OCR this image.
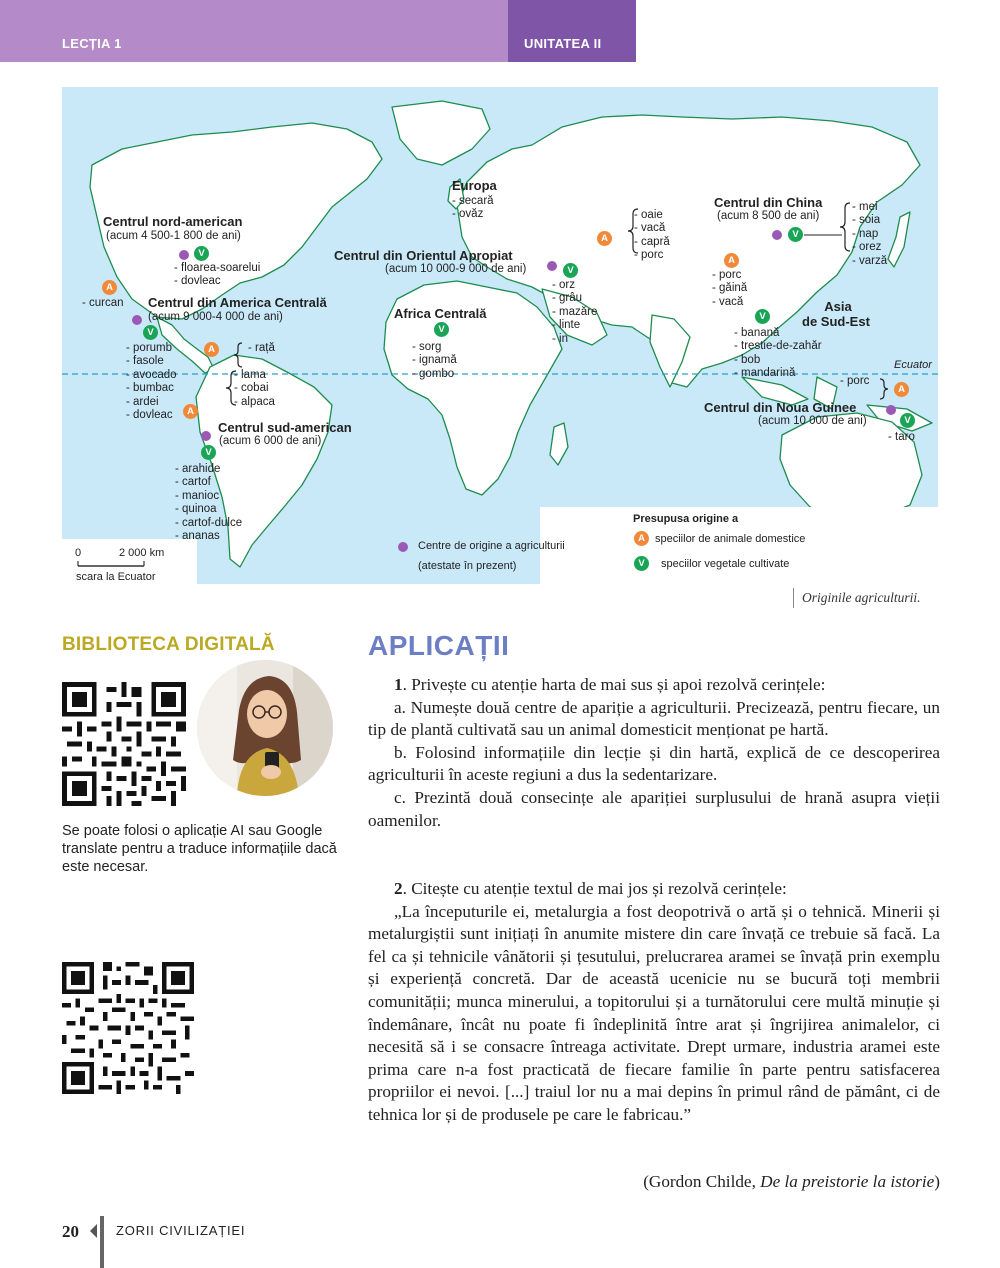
LECȚIA 1	UNITATEA II
Centrul nord-american
(acum 4 500-1 800 de ani)
V
- floarea-soarelui
- dovleac
A
- curcan Centrul din America Centrală
(acum 9 000-4 000 de ani)
V
- porumb
- fasole
- avocado
- bumbac
- ardei
- dovleac
A	- rață
- lama
- cobai
- alpaca
A
Centrul sud-american
(acum 6 000 de ani)
V
- arahide
- cartof
- manioc
- quinoa
- cartof-dulce
- ananas
Europa
- secară
- ovăz
Centrul din Orientul Apropiat
(acum 10 000-9 000 de ani)	V
- orz
- grâu
- mazăre
- linte
- in
A
- oaie
- vacă
- capră
- porc
Africa Centrală
V
- sorg
- ignamă
- gombo
Centrul din China
(acum 8 500 de ani)
V
- mei
- soia
- nap
- orez
- varză
A
- porc
- găină
- vacă	Asia
de Sud-Est
V
- banană
- trestie-de-zahăr
- bob
- mandarină
Ecuator
- porc
A
Centrul din Noua Guinee
(acum 10 000 de ani)	V
- taro
0	2 000 km
scara la Ecuator
Centre de origine a agriculturii
(atestate în prezent)
Presupusa origine a
A speciilor de animale domestice
V	speciilor vegetale cultivate
Originile agriculturii.
BIBLIOTECA DIGITALĂ
Se poate folosi o aplicație AI sau Google translate pentru a traduce informațiile dacă este necesar.
APLICAȚII
1. Privește cu atenție harta de mai sus și apoi rezolvă cerințele:
a. Numește două centre de apariție a agriculturii. Precizează, pentru fiecare, un tip de plantă cultivată sau un animal domesticit menționat pe hartă.
b. Folosind informațiile din lecție și din hartă, explică de ce descoperirea agriculturii în aceste regiuni a dus la sedentarizare.
c. Prezintă două consecințe ale apariției surplusului de hrană asupra vieții oamenilor.
2. Citește cu atenție textul de mai jos și rezolvă cerințele:
„La începuturile ei, metalurgia a fost deopotrivă o artă și o tehnică. Minerii și metalurgiștii sunt inițiați în anumite mistere din care învață ce trebuie să facă. La fel ca și tehnicile vânătorii și țesutului, prelucrarea aramei se învață prin exemplu și experiență concretă. Dar de această ucenicie nu se bucură toți membrii comunității; munca minerului, a topitorului și a turnătorului cere multă minuție și îndemânare, încât nu poate fi îndeplinită între arat și îngrijirea animalelor, ci necesită să i se consacre întreaga activitate. Drept urmare, industria aramei este prima care n-a fost practicată de fiecare familie în parte pentru satisfacerea propriilor ei nevoi. [...] traiul lor nu a mai depins în primul rând de pământ, ci de tehnica lor și de produsele pe care le fabricau.”
(Gordon Childe, De la preistorie la istorie)
20	ZORII CIVILIZAȚIEI
